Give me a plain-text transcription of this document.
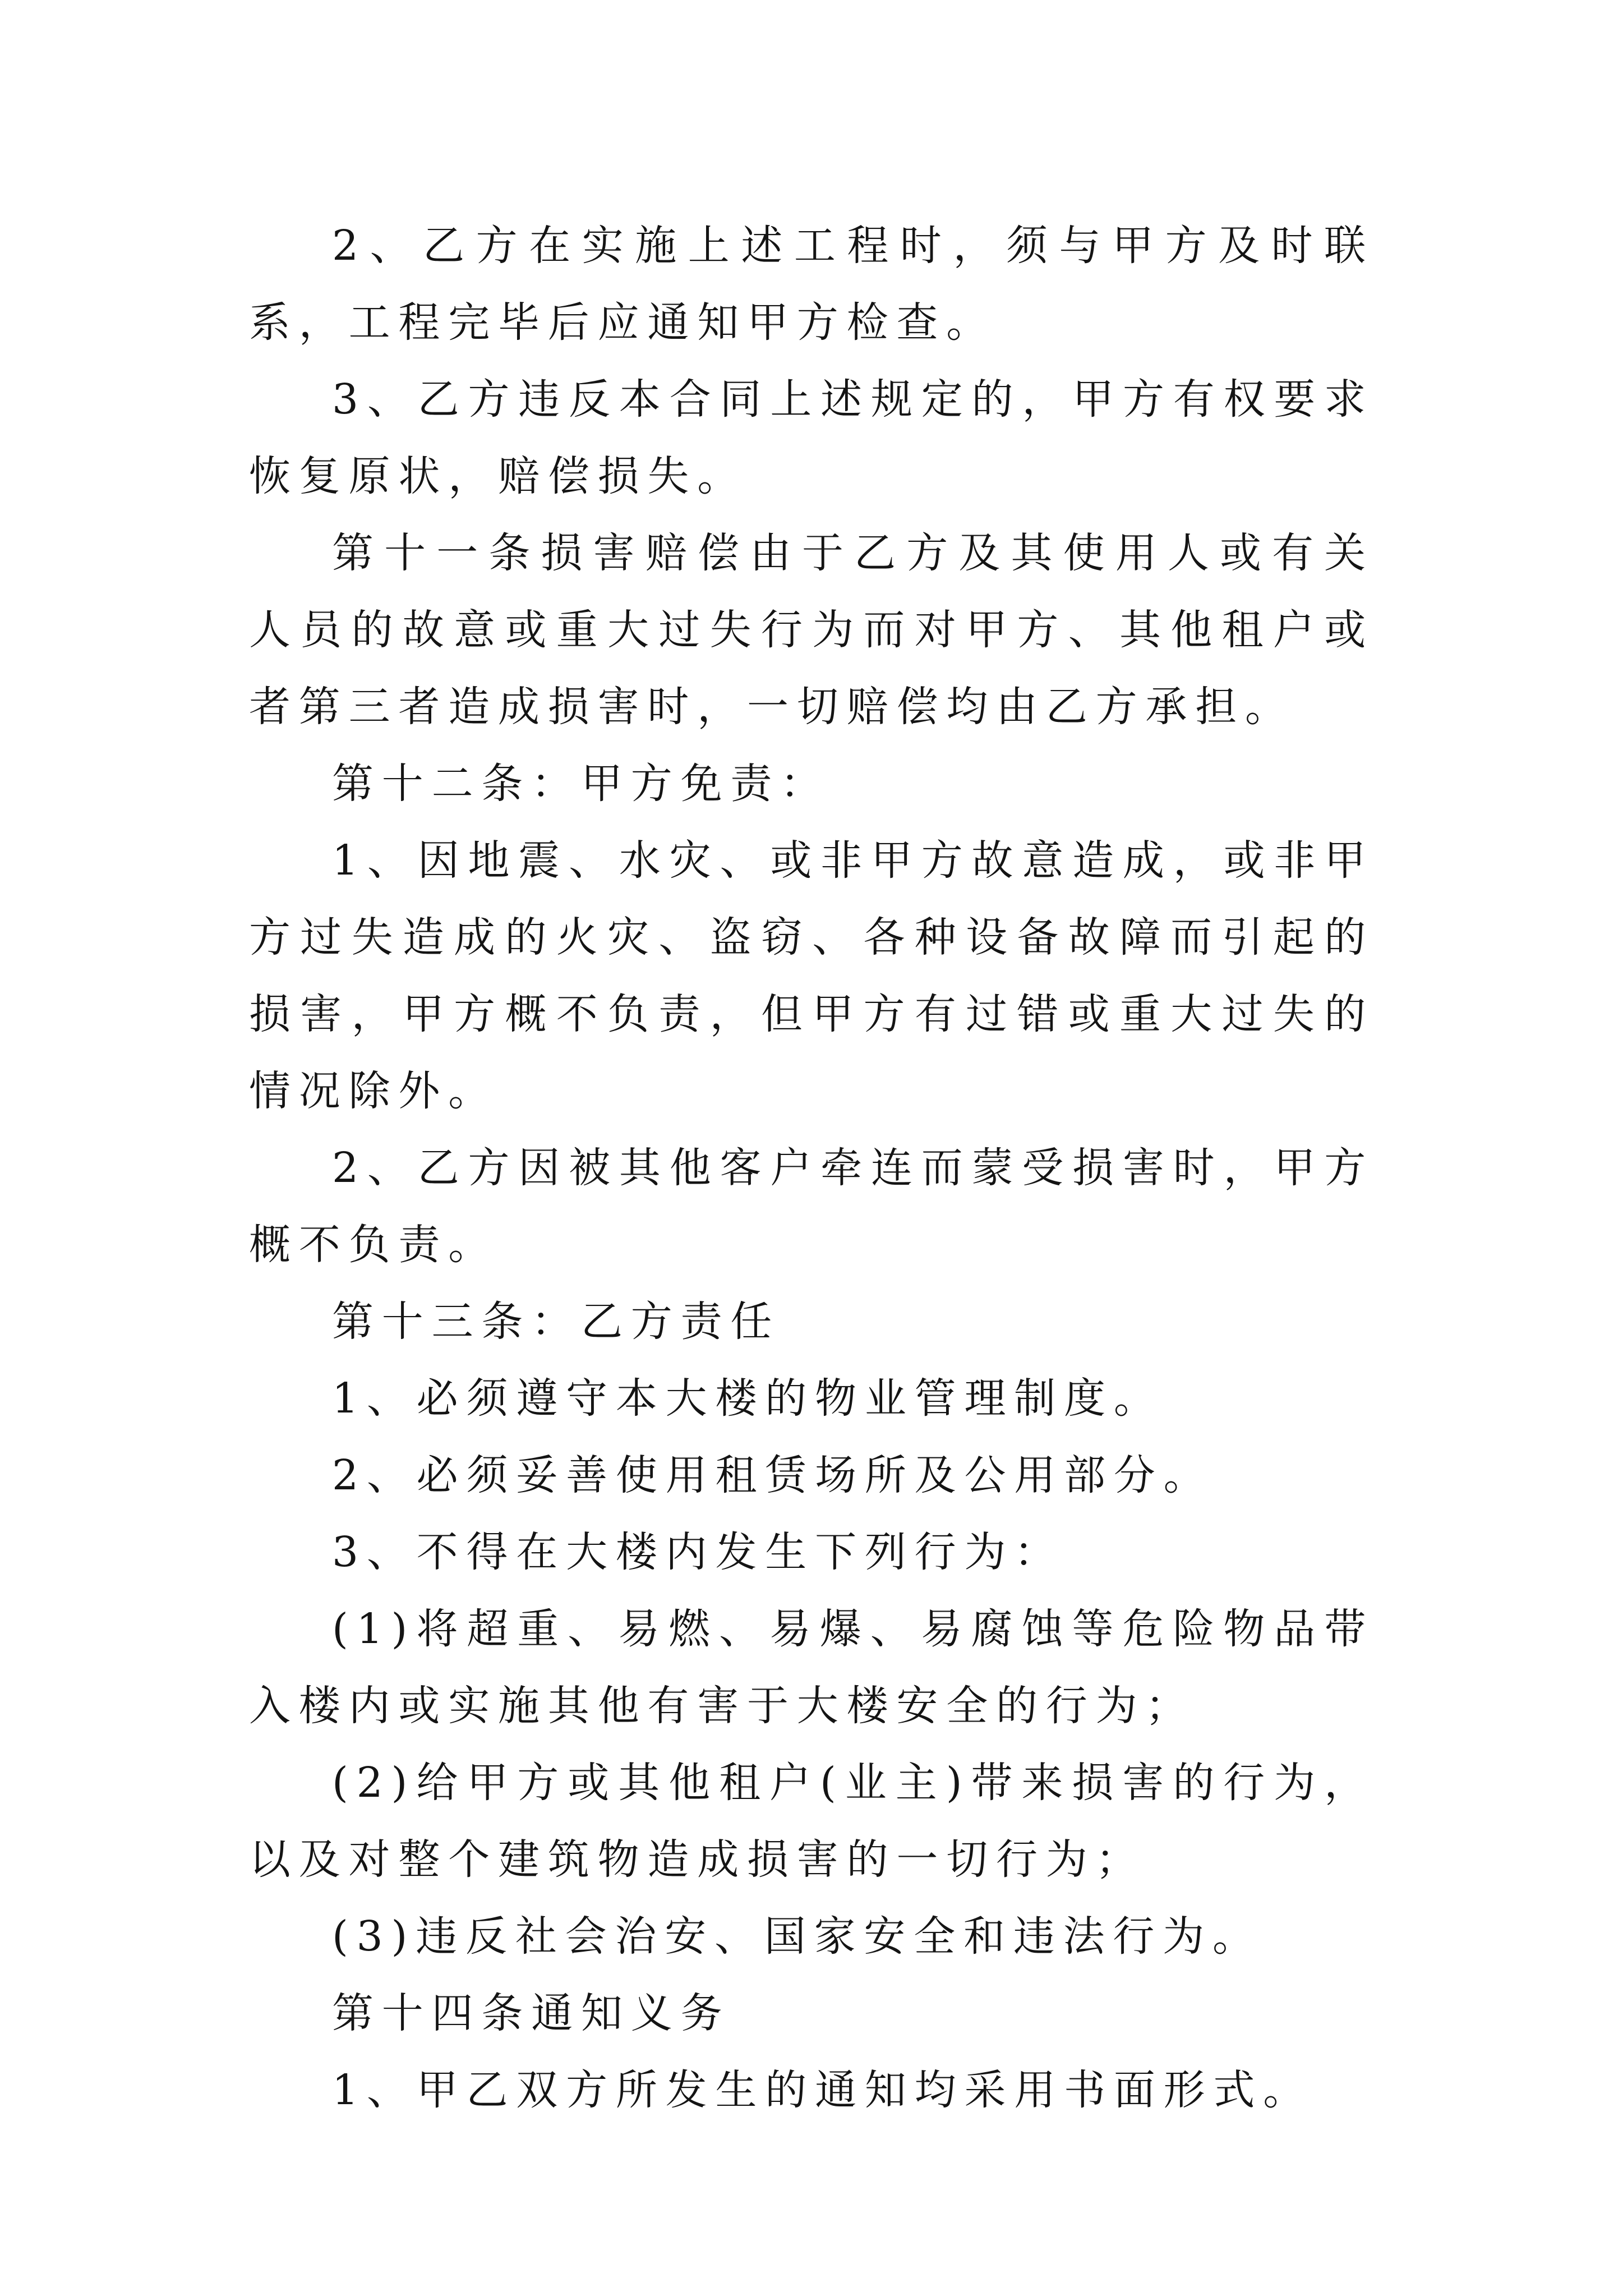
2、乙方在实施上述工程时，须与甲方及时联系，工程完毕后应通知甲方检查。

3、乙方违反本合同上述规定的，甲方有权要求恢复原状，赔偿损失。

第十一条损害赔偿由于乙方及其使用人或有关人员的故意或重大过失行为而对甲方、其他租户或者第三者造成损害时，一切赔偿均由乙方承担。

第十二条：甲方免责：

1、因地震、水灾、或非甲方故意造成，或非甲方过失造成的火灾、盗窃、各种设备故障而引起的损害，甲方概不负责，但甲方有过错或重大过失的情况除外。

2、乙方因被其他客户牵连而蒙受损害时，甲方概不负责。

第十三条：乙方责任

1、必须遵守本大楼的物业管理制度。

2、必须妥善使用租赁场所及公用部分。

3、不得在大楼内发生下列行为：

(1)将超重、易燃、易爆、易腐蚀等危险物品带入楼内或实施其他有害于大楼安全的行为；

(2)给甲方或其他租户(业主)带来损害的行为，以及对整个建筑物造成损害的一切行为；

(3)违反社会治安、国家安全和违法行为。

第十四条通知义务

1、甲乙双方所发生的通知均采用书面形式。
